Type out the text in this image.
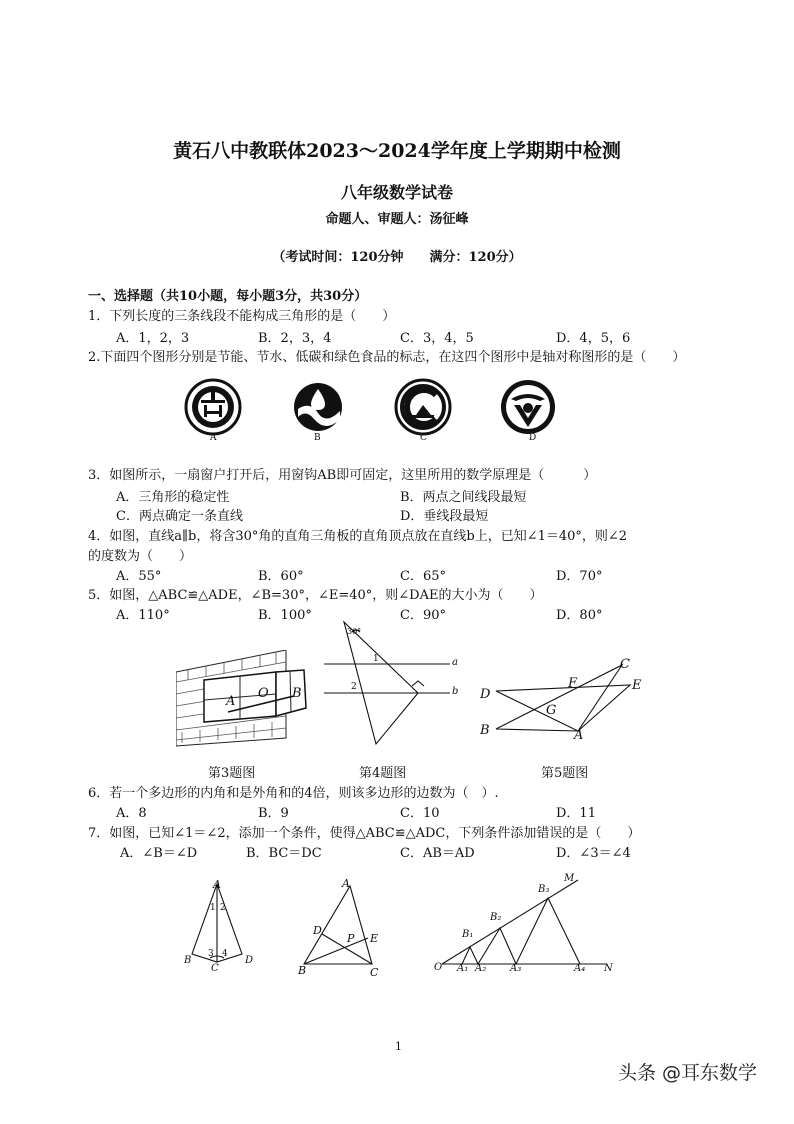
黄石八中教联体2023～2024学年度上学期期中检测
八年级数学试卷
命题人、审题人：汤征峰
（考试时间：120分钟　　满分：120分）
一、选择题（共10小题，每小题3分，共30分）
1．下列长度的三条线段不能构成三角形的是（　　）
A．1，2，3	B．2，3，4	C．3，4，5	D．4，5，6
2.下面四个图形分别是节能、节水、低碳和绿色食品的标志，在这四个图形中是轴对称图形的是（　　）
A	B	C	D
3．如图所示，一扇窗户打开后，用窗钩AB即可固定，这里所用的数学原理是（　　　）
A．三角形的稳定性	B．两点之间线段最短
C．两点确定一条直线	D．垂线段最短
4．如图，直线a∥b，将含30°角的直角三角板的直角顶点放在直线b上，已知∠1＝40°，则∠2
的度数为（　　）
A．55°	B．60°	C．65°	D．70°
5．如图，△ABC≌△ADE，∠B=30°，∠E=40°，则∠DAE的大小为（　　）
A．110°	B．100°	C．90°	D．80°
A
O B
30°
1
2
a
b
C
D
F	E
G
B	A
第3题图	第4题图	第5题图
6．若一个多边形的内角和是外角和的4倍，则该多边形的边数为（　）.
A．8	B．9	C．10	D．11
7．如图，已知∠1＝∠2，添加一个条件，使得△ABC≌△ADC，下列条件添加错误的是（　　）
A．∠B＝∠D	B．BC＝DC	C．AB＝AD	D．∠3＝∠4
A
1 2
3 4
B
C
D
A
D
P E
B	C
M
B₃
B₂
B₁
O A₁ A₂ A₃	A₄ N
1
头条 @耳东数学
